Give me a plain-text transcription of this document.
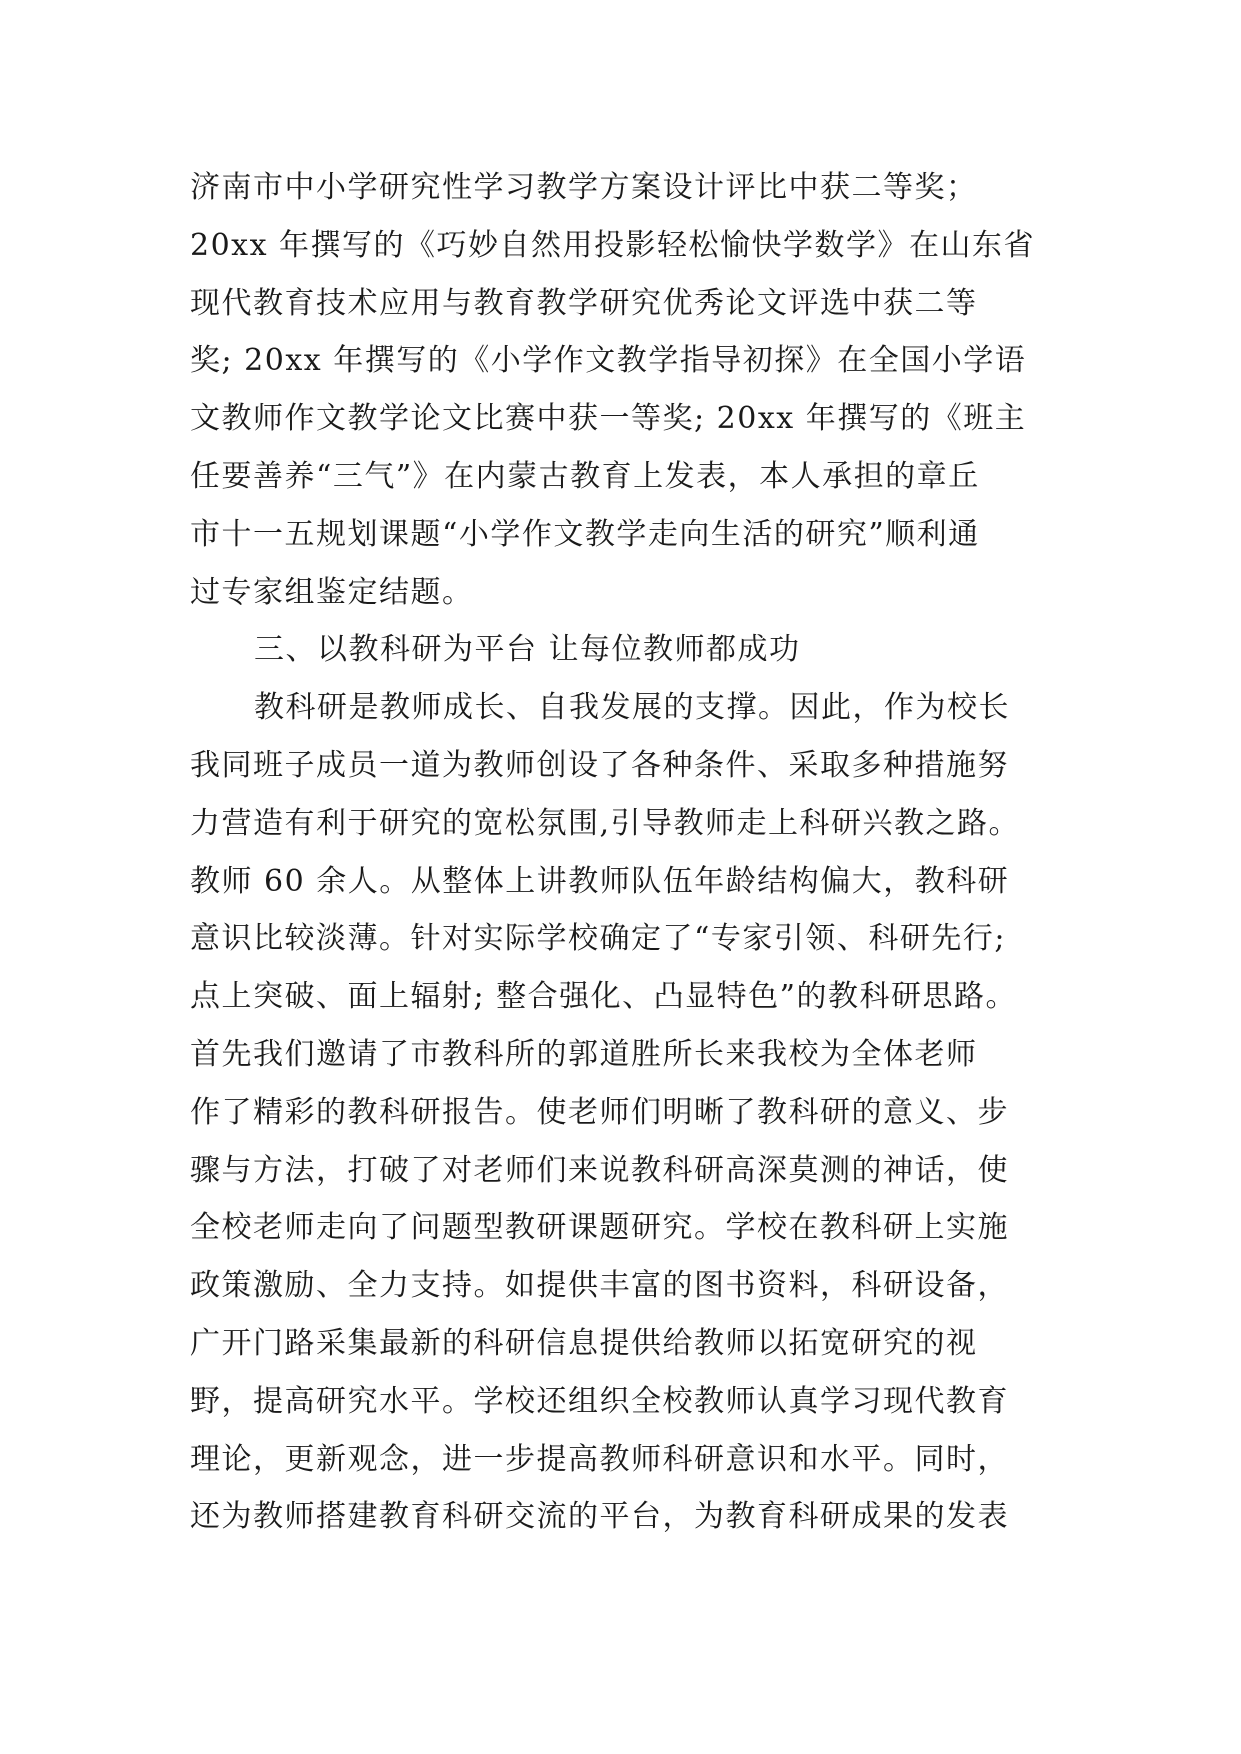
济南市中小学研究性学习教学方案设计评比中获二等奖；
20xx 年撰写的《巧妙自然用投影轻松愉快学数学》在山东省
现代教育技术应用与教育教学研究优秀论文评选中获二等
奖; 20xx 年撰写的《小学作文教学指导初探》在全国小学语
文教师作文教学论文比赛中获一等奖; 20xx 年撰写的《班主
任要善养“三气”》在内蒙古教育上发表，本人承担的章丘
市十一五规划课题“小学作文教学走向生活的研究”顺利通
过专家组鉴定结题。
三、以教科研为平台 让每位教师都成功
教科研是教师成长、自我发展的支撑。因此，作为校长
我同班子成员一道为教师创设了各种条件、采取多种措施努
力营造有利于研究的宽松氛围,引导教师走上科研兴教之路。
教师 60 余人。从整体上讲教师队伍年龄结构偏大，教科研
意识比较淡薄。针对实际学校确定了“专家引领、科研先行;
点上突破、面上辐射; 整合强化、凸显特色”的教科研思路。
首先我们邀请了市教科所的郭道胜所长来我校为全体老师
作了精彩的教科研报告。使老师们明晰了教科研的意义、步
骤与方法，打破了对老师们来说教科研高深莫测的神话，使
全校老师走向了问题型教研课题研究。学校在教科研上实施
政策激励、全力支持。如提供丰富的图书资料，科研设备，
广开门路采集最新的科研信息提供给教师以拓宽研究的视
野，提高研究水平。学校还组织全校教师认真学习现代教育
理论，更新观念，进一步提高教师科研意识和水平。同时，
还为教师搭建教育科研交流的平台，为教育科研成果的发表
